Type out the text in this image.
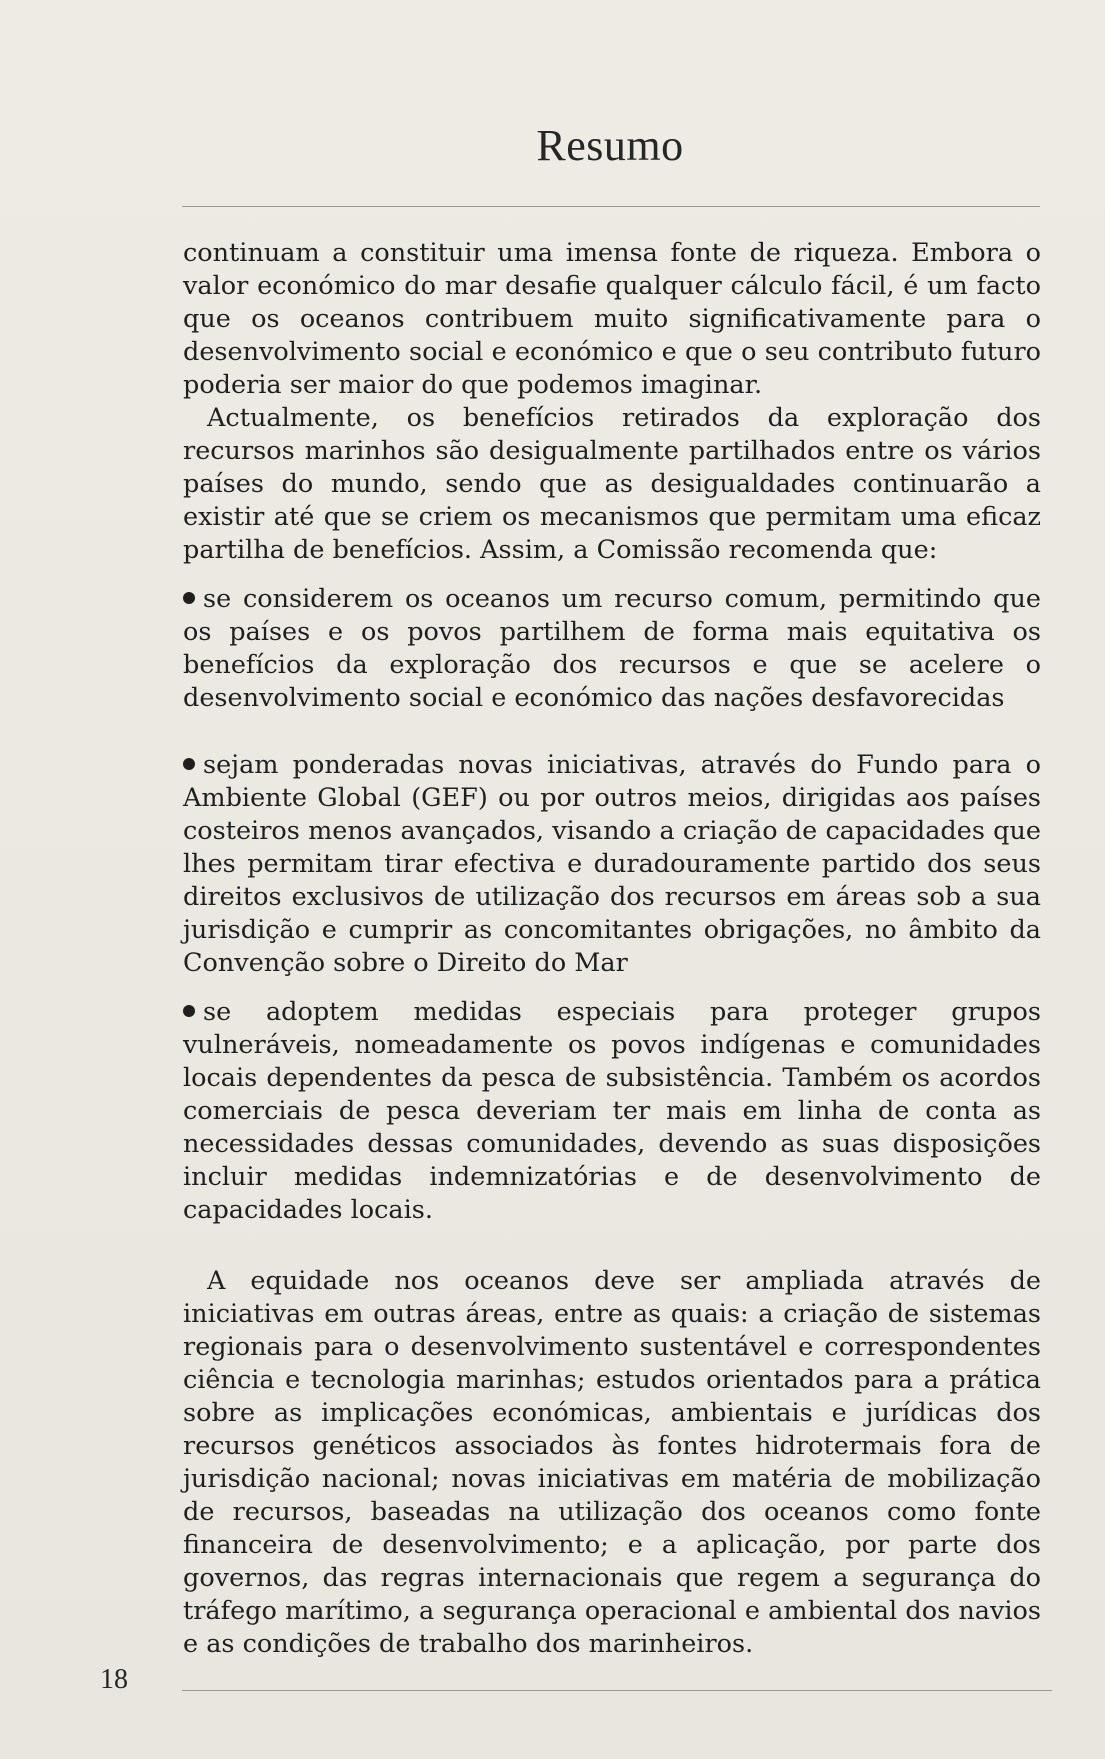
Resumo

continuam a constituir uma imensa fonte de riqueza. Embora o valor económico do mar desafie qualquer cálculo fácil, é um facto que os oceanos contribuem muito significativamente para o desenvolvimento social e económico e que o seu contributo futuro poderia ser maior do que podemos imaginar.

Actualmente, os benefícios retirados da exploração dos recursos marinhos são desigualmente partilhados entre os vários países do mundo, sendo que as desigualdades continuarão a existir até que se criem os mecanismos que permitam uma eficaz partilha de benefícios. Assim, a Comissão recomenda que:

se considerem os oceanos um recurso comum, permitindo que os países e os povos partilhem de forma mais equitativa os benefícios da exploração dos recursos e que se acelere o desenvolvimento social e económico das nações desfavorecidas

sejam ponderadas novas iniciativas, através do Fundo para o Ambiente Global (GEF) ou por outros meios, dirigidas aos países costeiros menos avançados, visando a criação de capacidades que lhes permitam tirar efectiva e duradouramente partido dos seus direitos exclusivos de utilização dos recursos em áreas sob a sua jurisdição e cumprir as concomitantes obrigações, no âmbito da Convenção sobre o Direito do Mar

se adoptem medidas especiais para proteger grupos vulneráveis, nomeadamente os povos indígenas e comunidades locais dependentes da pesca de subsistência. Também os acordos comerciais de pesca deveriam ter mais em linha de conta as necessidades dessas comunidades, devendo as suas disposições incluir medidas indemnizatórias e de desenvolvimento de capacidades locais.

A equidade nos oceanos deve ser ampliada através de iniciativas em outras áreas, entre as quais: a criação de sistemas regionais para o desenvolvimento sustentável e correspondentes ciência e tecnologia marinhas; estudos orientados para a prática sobre as implicações económicas, ambientais e jurídicas dos recursos genéticos associados às fontes hidrotermais fora de jurisdição nacional; novas iniciativas em matéria de mobilização de recursos, baseadas na utilização dos oceanos como fonte financeira de desenvolvimento; e a aplicação, por parte dos governos, das regras internacionais que regem a segurança do tráfego marítimo, a segurança operacional e ambiental dos navios e as condições de trabalho dos marinheiros.

18
